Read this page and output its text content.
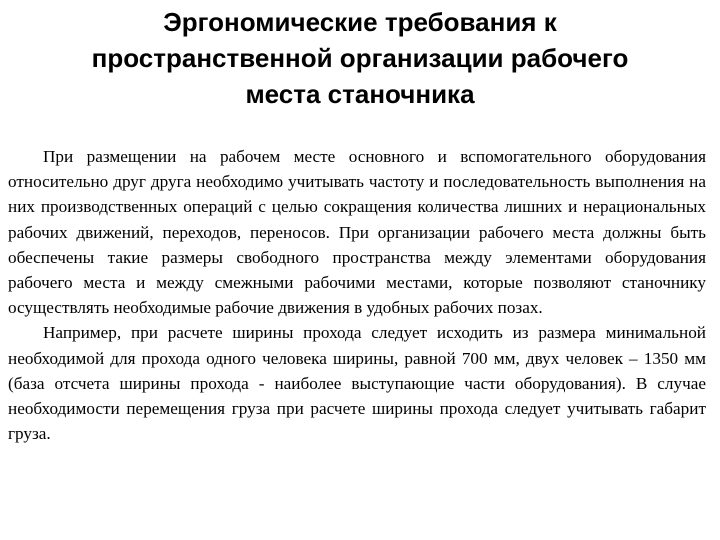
Эргономические требования к
пространственной организации рабочего
места станочника

При размещении на рабочем месте основного и вспомогательного оборудования относительно друг друга необходимо учитывать частоту и последовательность выполнения на них производственных операций с целью сокращения количества лишних и нерациональных рабочих движений, переходов, переносов. При организации рабочего места должны быть обеспечены такие размеры свободного пространства между элементами оборудования рабочего места и между смежными рабочими местами, которые позволяют станочнику осуществлять необходимые рабочие движения в удобных рабочих позах.

Например, при расчете ширины прохода следует исходить из размера минимальной необходимой для прохода одного человека ширины, равной 700 мм, двух человек – 1350 мм (база отсчета ширины прохода - наиболее выступающие части оборудования). В случае необходимости перемещения груза при расчете ширины прохода следует учитывать габарит груза.
